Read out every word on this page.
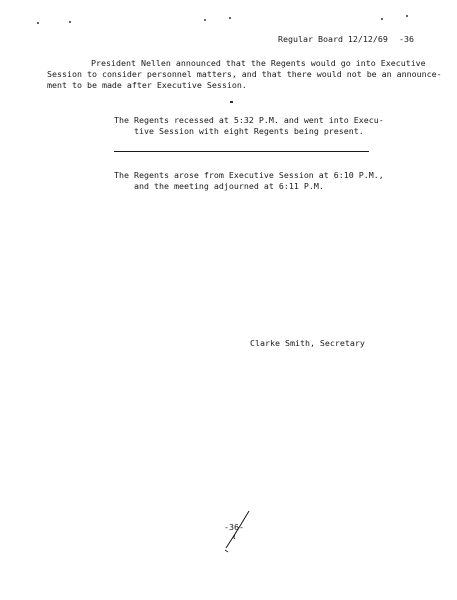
Regular Board 12/12/69 -36
President Nellen announced that the Regents would go into Executive
Session to consider personnel matters, and that there would not be an announce-
ment to be made after Executive Session.
The Regents recessed at 5:32 P.M. and went into Execu-
tive Session with eight Regents being present.
The Regents arose from Executive Session at 6:10 P.M.,
and the meeting adjourned at 6:11 P.M.
Clarke Smith, Secretary
-36-
